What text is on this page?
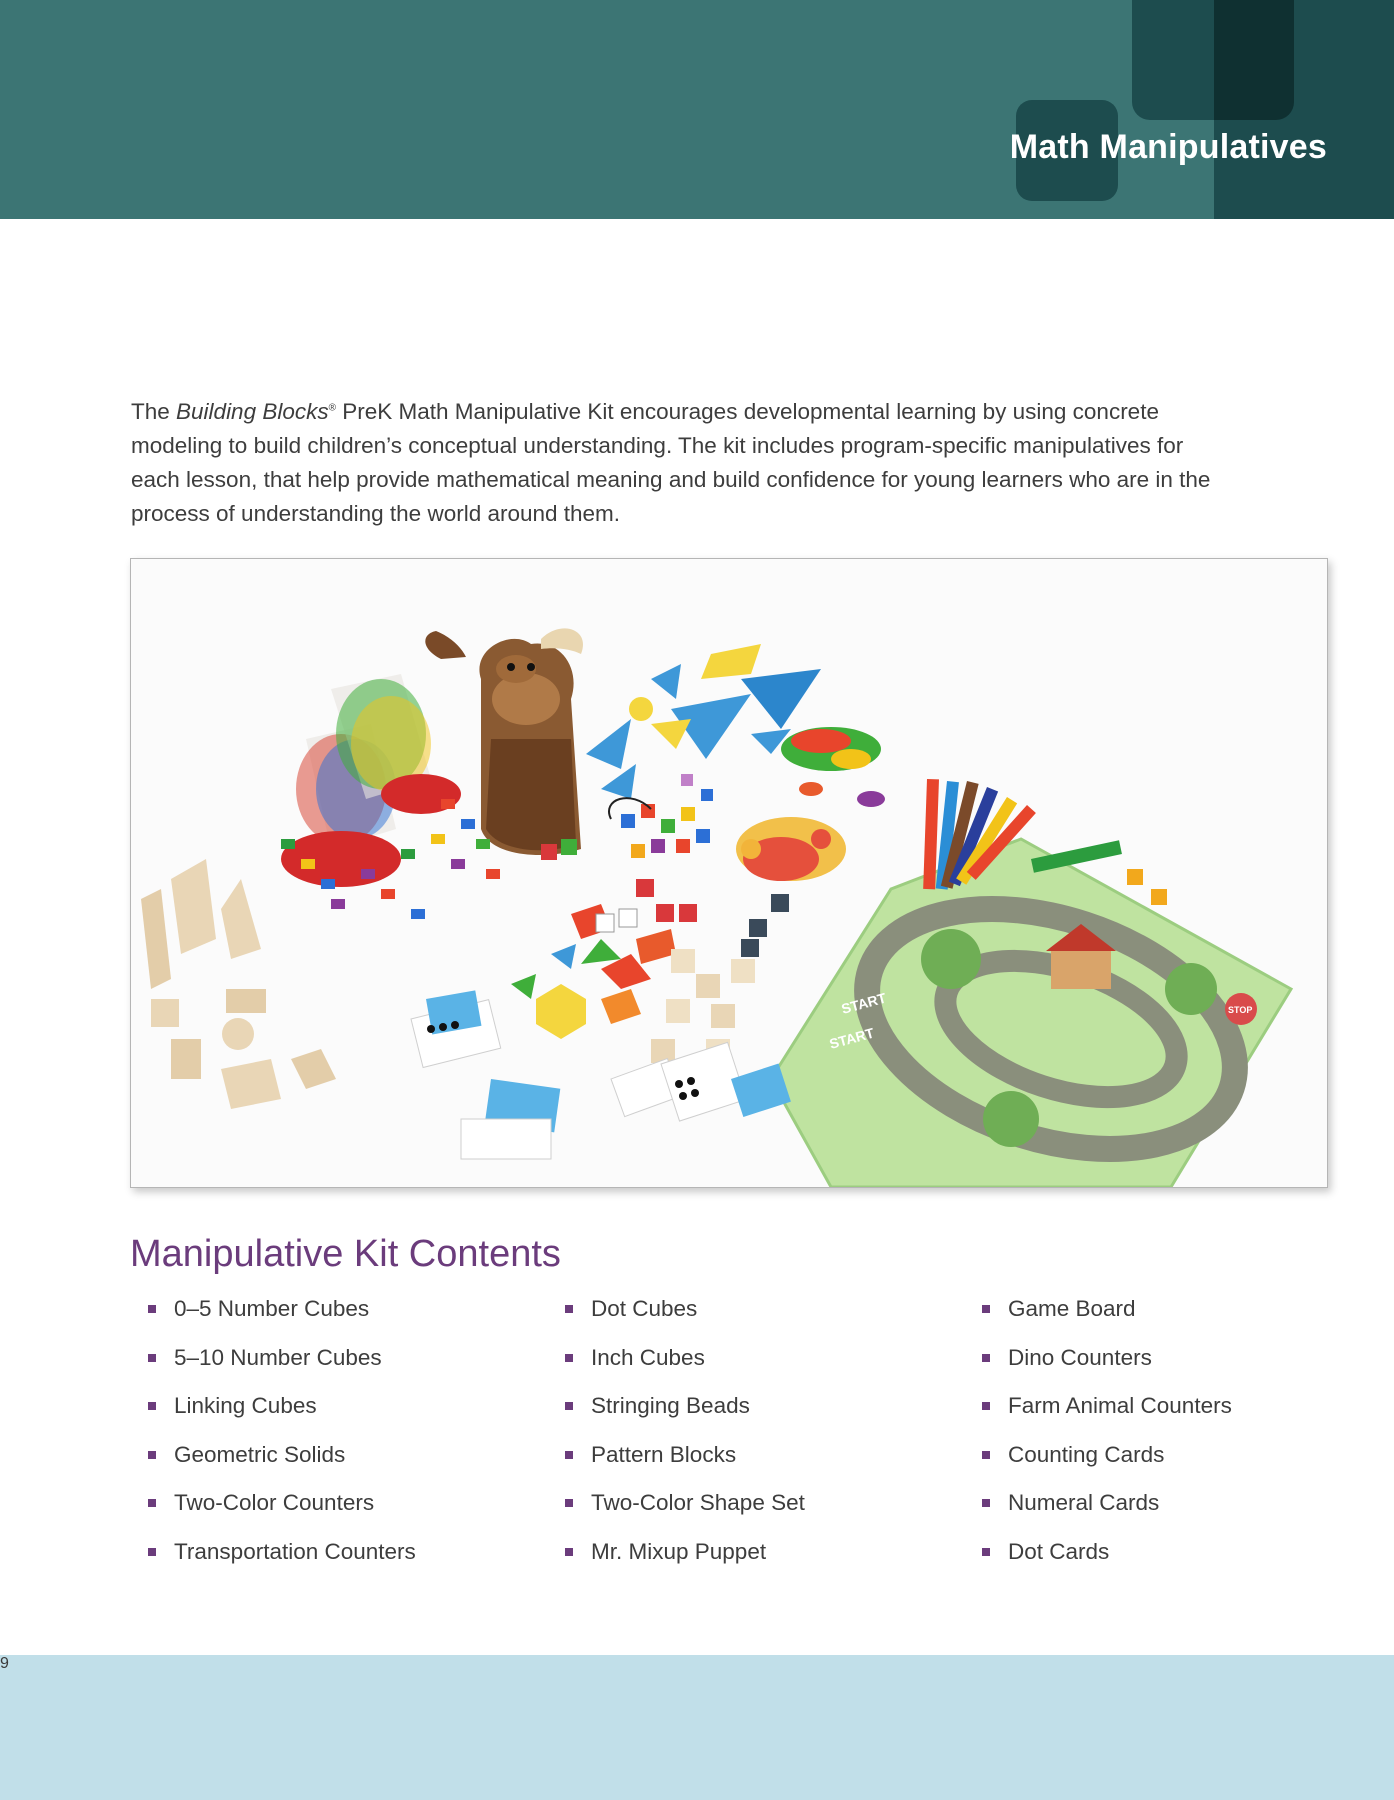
Math Manipulatives

The Building Blocks® PreK Math Manipulative Kit encourages developmental learning by using concrete modeling to build children’s conceptual understanding. The kit includes program-specific manipulatives for each lesson, that help provide mathematical meaning and build confidence for young learners who are in the process of understanding the world around them.

START
START
STOP
Manipulative Kit Contents
0–5 Number Cubes
5–10 Number Cubes
Linking Cubes
Geometric Solids
Two-Color Counters
Transportation Counters
Dot Cubes
Inch Cubes
Stringing Beads
Pattern Blocks
Two-Color Shape Set
Mr. Mixup Puppet
Game Board
Dino Counters
Farm Animal Counters
Counting Cards
Numeral Cards
Dot Cards
9
